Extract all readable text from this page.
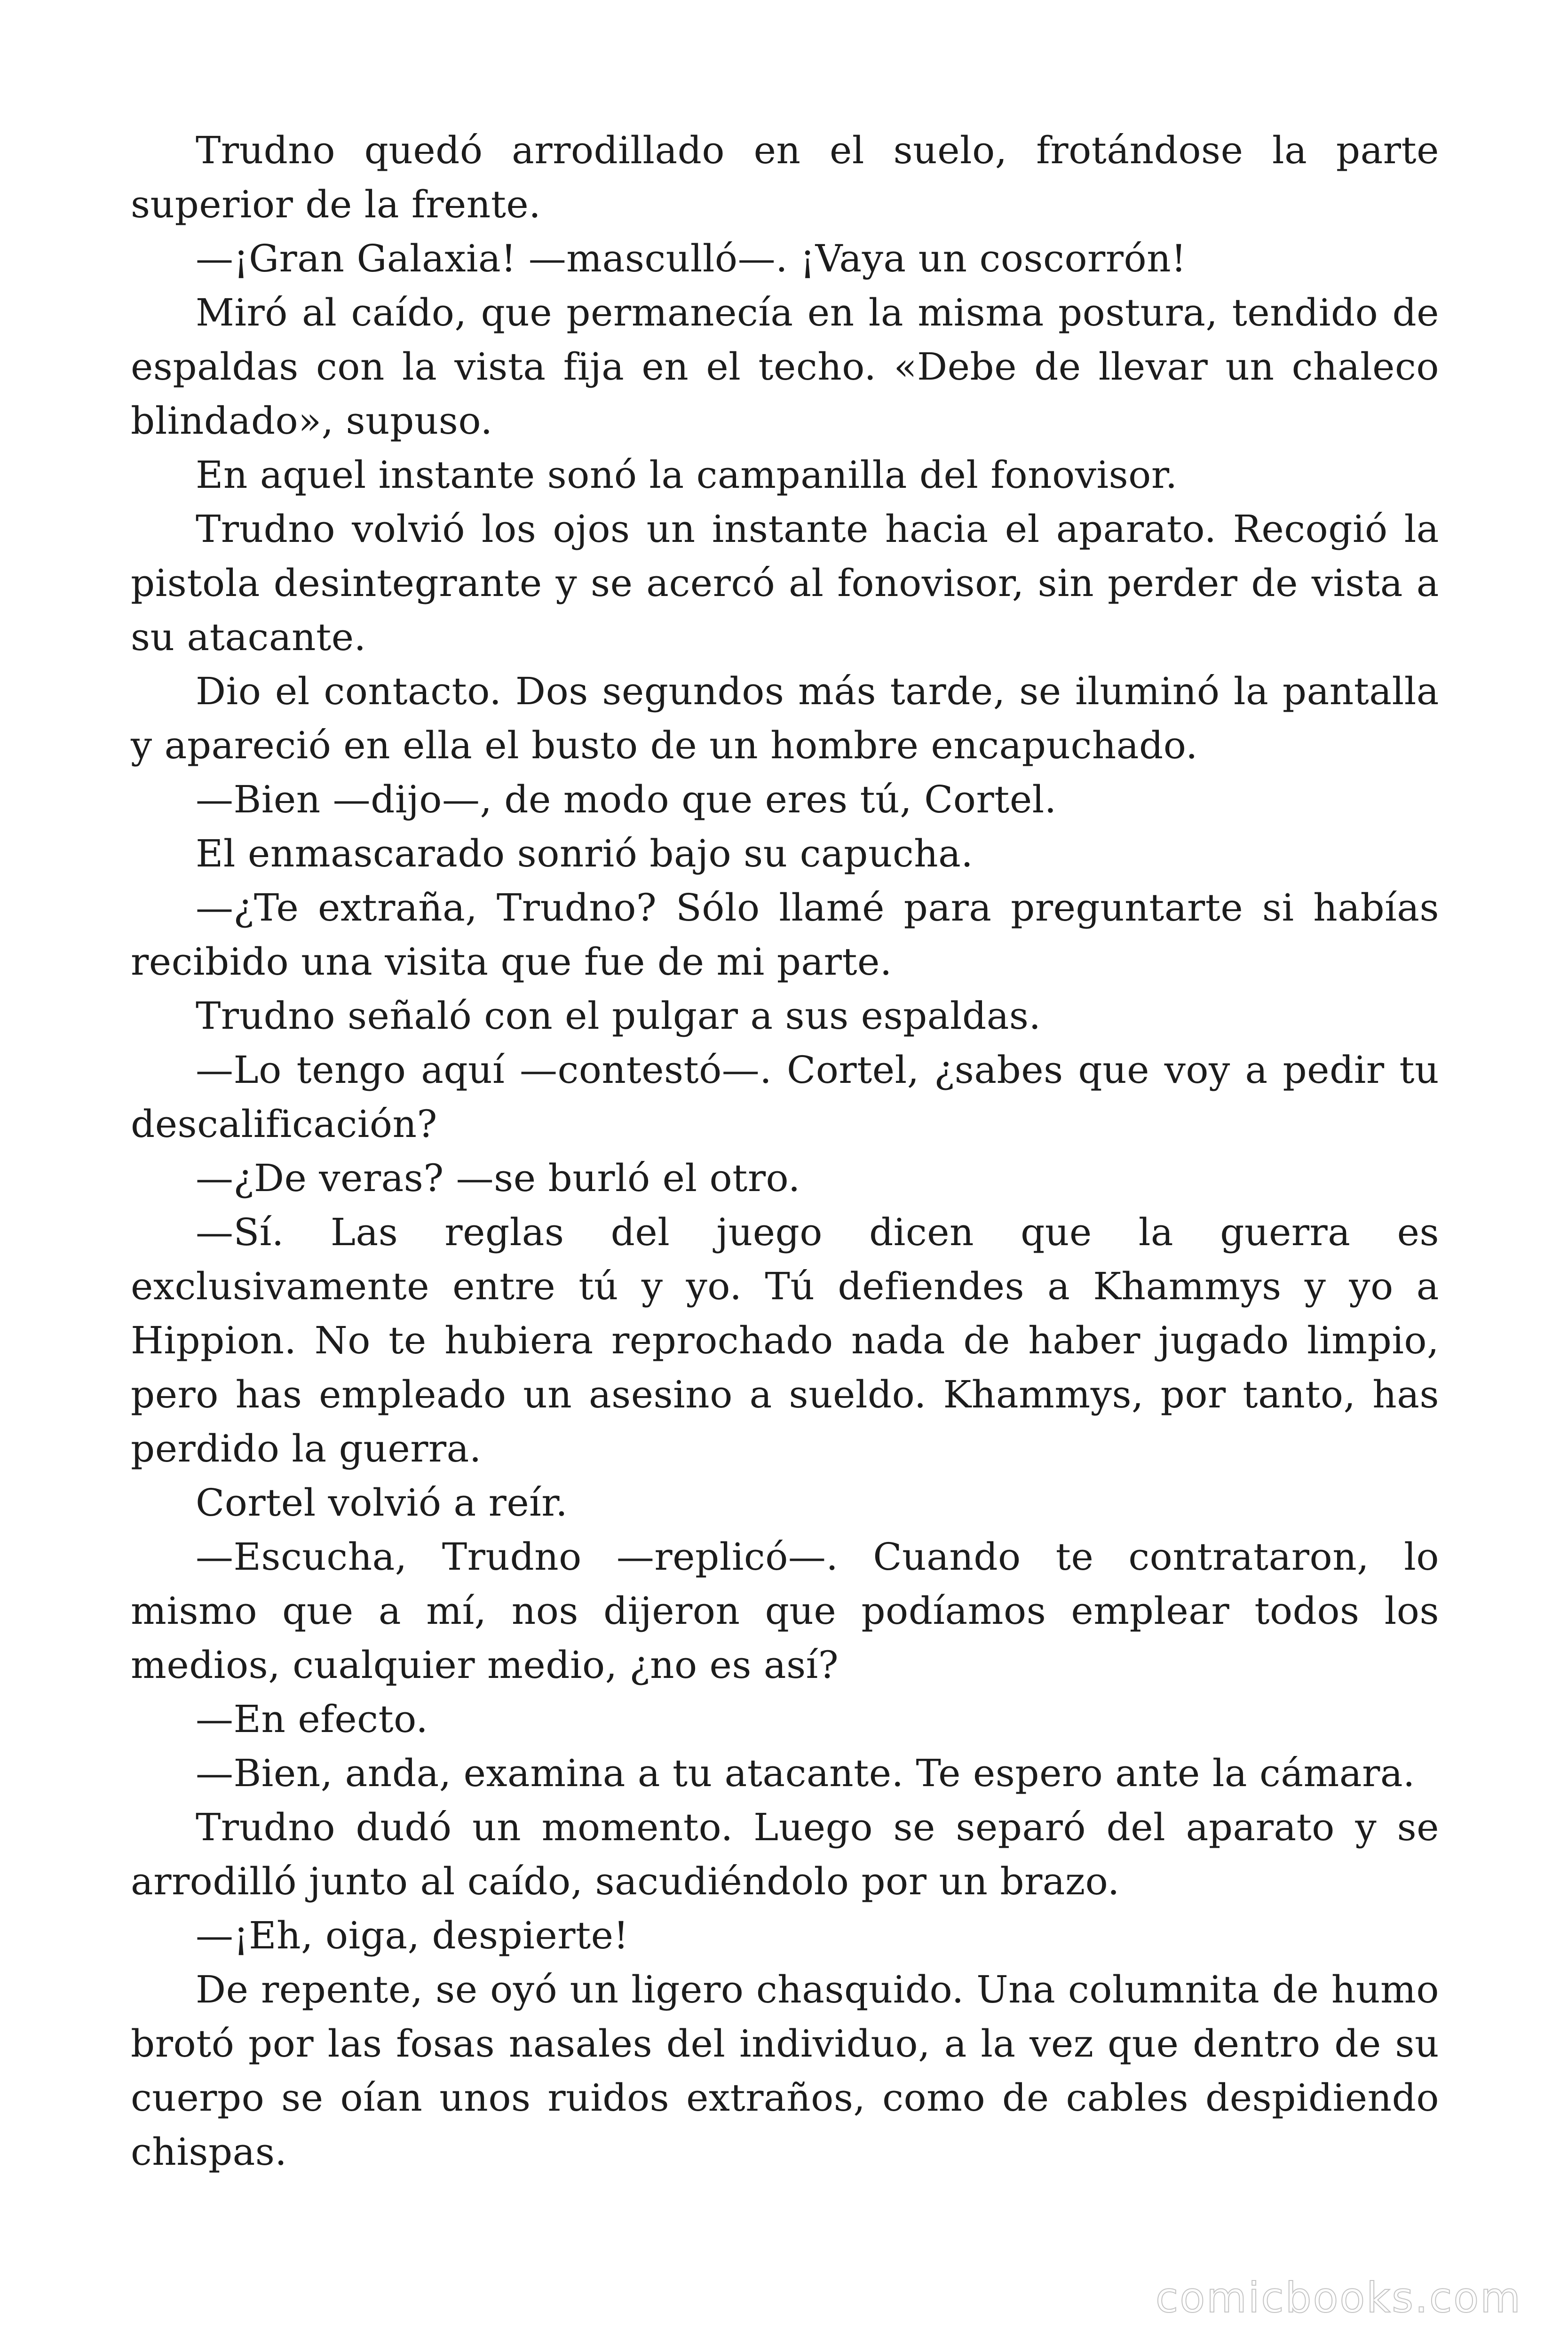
Trudno quedó arrodillado en el suelo, frotándose la parte superior de la frente.

—¡Gran Galaxia! —masculló—. ¡Vaya un coscorrón!

Miró al caído, que permanecía en la misma postura, tendido de espaldas con la vista fija en el techo. «Debe de llevar un chaleco blindado», supuso.

En aquel instante sonó la campanilla del fonovisor.

Trudno volvió los ojos un instante hacia el aparato. Recogió la pistola desintegrante y se acercó al fonovisor, sin perder de vista a su atacante.

Dio el contacto. Dos segundos más tarde, se iluminó la pantalla y apareció en ella el busto de un hombre encapuchado.

—Bien —dijo—, de modo que eres tú, Cortel.

El enmascarado sonrió bajo su capucha.

—¿Te extraña, Trudno? Sólo llamé para preguntarte si habías recibido una visita que fue de mi parte.

Trudno señaló con el pulgar a sus espaldas.

—Lo tengo aquí —contestó—. Cortel, ¿sabes que voy a pedir tu descalificación?

—¿De veras? —se burló el otro.

—Sí. Las reglas del juego dicen que la guerra es exclusivamente entre tú y yo. Tú defiendes a Khammys y yo a Hippion. No te hubiera reprochado nada de haber jugado limpio, pero has empleado un asesino a sueldo. Khammys, por tanto, has perdido la guerra.

Cortel volvió a reír.

—Escucha, Trudno —replicó—. Cuando te contrataron, lo mismo que a mí, nos dijeron que podíamos emplear todos los medios, cualquier medio, ¿no es así?

—En efecto.

—Bien, anda, examina a tu atacante. Te espero ante la cámara.

Trudno dudó un momento. Luego se separó del aparato y se arrodilló junto al caído, sacudiéndolo por un brazo.

—¡Eh, oiga, despierte!

De repente, se oyó un ligero chasquido. Una columnita de humo brotó por las fosas nasales del individuo, a la vez que dentro de su cuerpo se oían unos ruidos extraños, como de cables despidiendo chispas.

comicbooks.com
